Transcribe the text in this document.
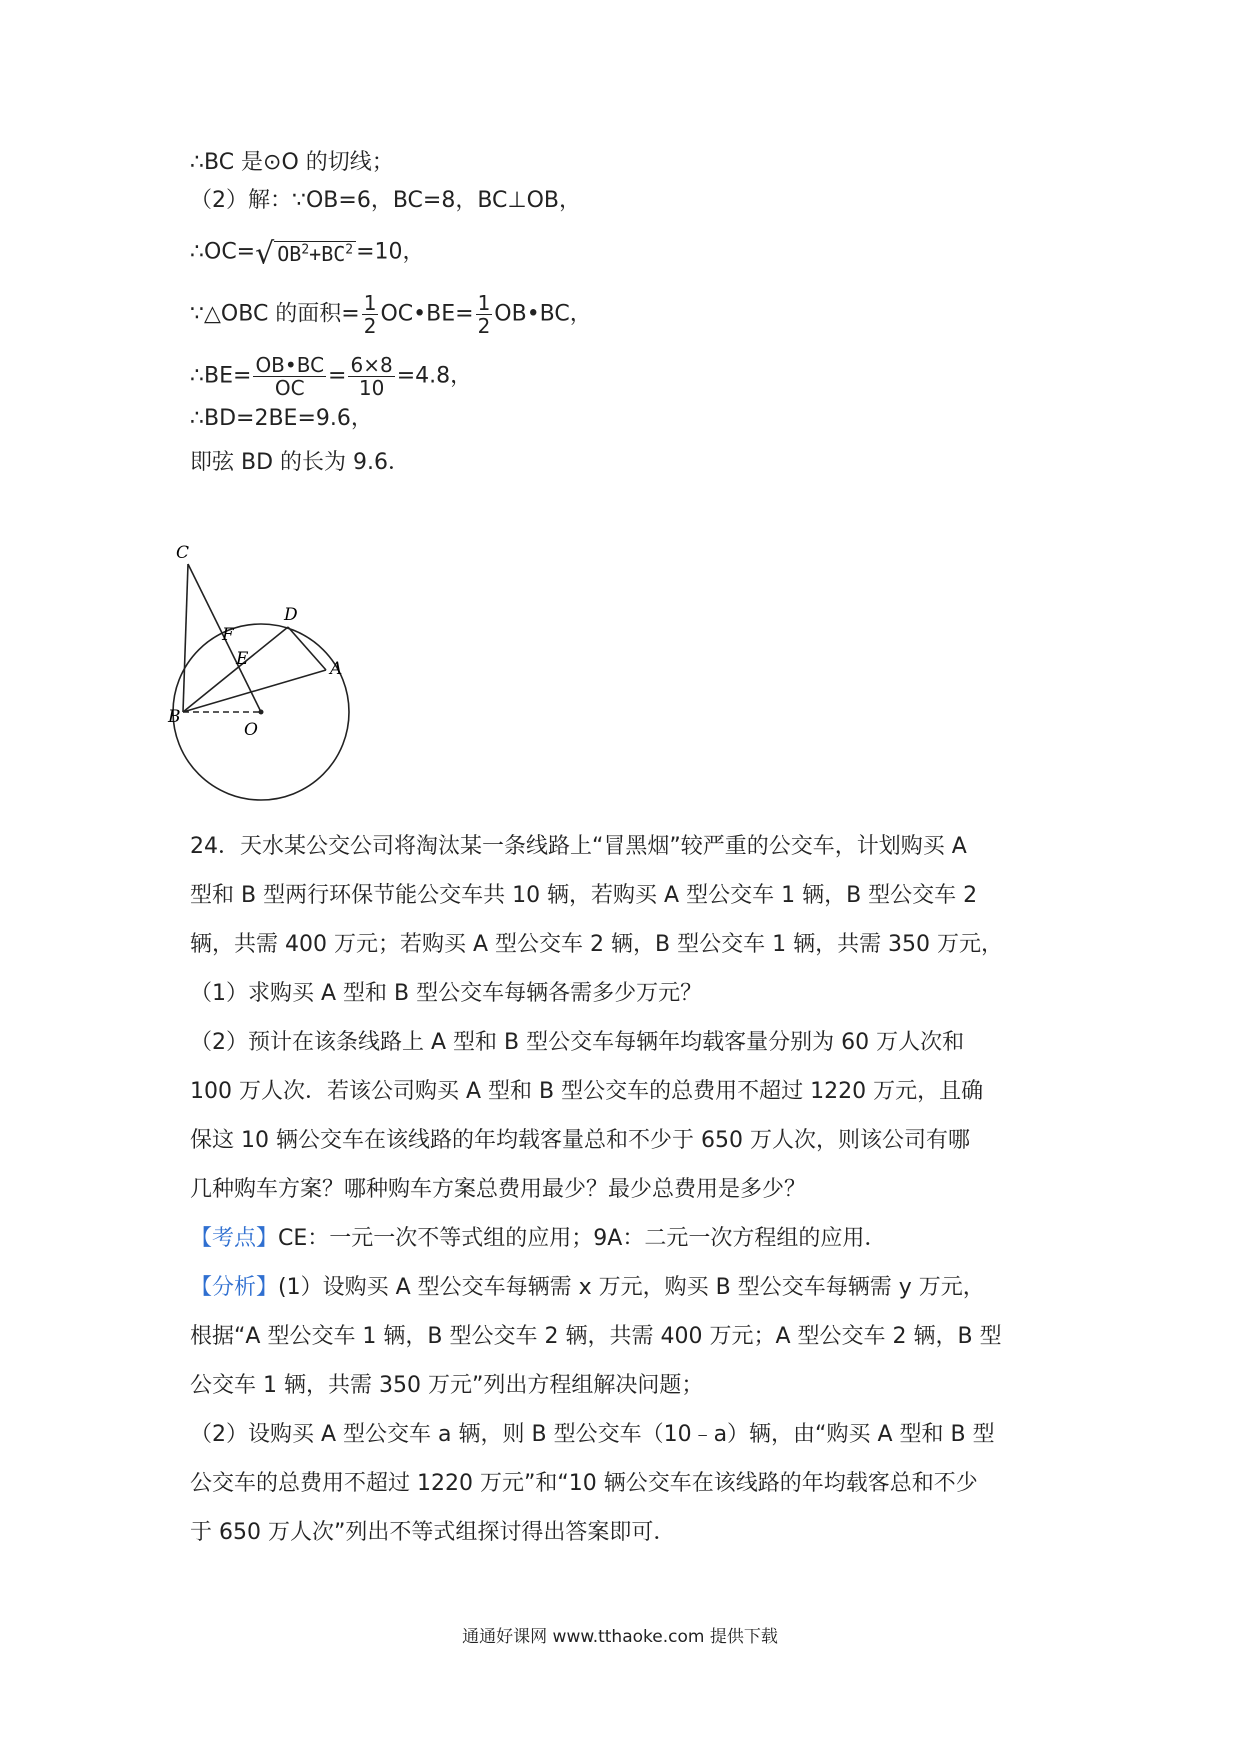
∴BC 是⊙O 的切线；
（2）解：∵OB=6，BC=8，BC⊥OB，
∴OC=√ $OB^2+BC^2 =10$，
∵△OBC 的面积= $\frac{1}{2}$ OC•BE= $\frac{1}{2}$ OB•BC，
∴BE= $\frac{OB•BC}{OC} = \frac{6\times 8}{10} =4.8$，
∴BD=2BE=9.6，
即弦 BD 的长为 9.6．
C
F
D
E	A
B
O
24．天水某公交公司将淘汰某一条线路上“冒黑烟”较严重的公交车，计划购买 A
型和 B 型两行环保节能公交车共 10 辆，若购买 A 型公交车 1 辆，B 型公交车 2
辆，共需 400 万元；若购买 A 型公交车 2 辆，B 型公交车 1 辆，共需 350 万元，
（1）求购买 A 型和 B 型公交车每辆各需多少万元？
（2）预计在该条线路上 A 型和 B 型公交车每辆年均载客量分别为 60 万人次和
100 万人次．若该公司购买 A 型和 B 型公交车的总费用不超过 1220 万元，且确
保这 10 辆公交车在该线路的年均载客量总和不少于 650 万人次，则该公司有哪
几种购车方案？哪种购车方案总费用最少？最少总费用是多少？
【考点】CE：一元一次不等式组的应用；9A：二元一次方程组的应用．
【分析】(1）设购买 A 型公交车每辆需 x 万元，购买 B 型公交车每辆需 y 万元，
根据“A 型公交车 1 辆，B 型公交车 2 辆，共需 400 万元；A 型公交车 2 辆，B 型
公交车 1 辆，共需 350 万元”列出方程组解决问题；
（2）设购买 A 型公交车 a 辆，则 B 型公交车（10﹣a）辆，由“购买 A 型和 B 型
公交车的总费用不超过 1220 万元”和“10 辆公交车在该线路的年均载客总和不少
于 650 万人次”列出不等式组探讨得出答案即可．
通通好课网 www.tthaoke.com 提供下载
